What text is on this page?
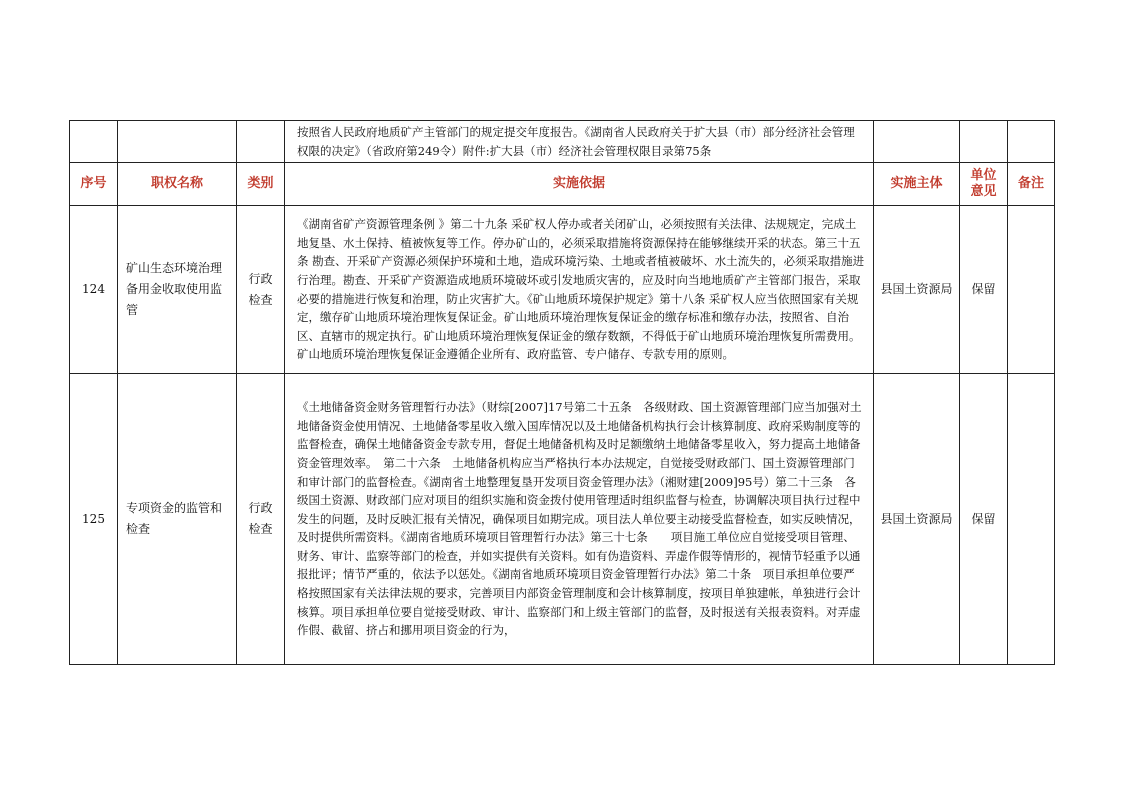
			按照省人民政府地质矿产主管部门的规定提交年度报告。《湖南省人民政府关于扩大县（市）部分经济社会管理权限的决定》（省政府第249令）附件:扩大县（市）经济社会管理权限目录第75条			
序号	职权名称	类别	实施依据	实施主体	单位意见	备注
124	矿山生态环境治理备用金收取使用监管	行政检查	《湖南省矿产资源管理条例 》第二十九条 采矿权人停办或者关闭矿山，必须按照有关法律、法规规定，完成土地复垦、水土保持、植被恢复等工作。停办矿山的，必须采取措施将资源保持在能够继续开采的状态。第三十五条 勘查、开采矿产资源必须保护环境和土地，造成环境污染、土地或者植被破坏、水土流失的，必须采取措施进行治理。勘查、开采矿产资源造成地质环境破坏或引发地质灾害的，应及时向当地地质矿产主管部门报告，采取必要的措施进行恢复和治理，防止灾害扩大。《矿山地质环境保护规定》第十八条 采矿权人应当依照国家有关规定，缴存矿山地质环境治理恢复保证金。矿山地质环境治理恢复保证金的缴存标准和缴存办法，按照省、自治区、直辖市的规定执行。矿山地质环境治理恢复保证金的缴存数额，不得低于矿山地质环境治理恢复所需费用。矿山地质环境治理恢复保证金遵循企业所有、政府监管、专户储存、专款专用的原则。	县国土资源局	保留	
125	专项资金的监管和检查	行政检查	《土地储备资金财务管理暂行办法》（财综[2007]17号第二十五条　各级财政、国土资源管理部门应当加强对土地储备资金使用情况、土地储备零星收入缴入国库情况以及土地储备机构执行会计核算制度、政府采购制度等的监督检查，确保土地储备资金专款专用，督促土地储备机构及时足额缴纳土地储备零星收入，努力提高土地储备资金管理效率。　第二十六条　土地储备机构应当严格执行本办法规定，自觉接受财政部门、国土资源管理部门和审计部门的监督检查。《湖南省土地整理复垦开发项目资金管理办法》（湘财建[2009]95号）第二十三条　各级国土资源、财政部门应对项目的组织实施和资金拨付使用管理适时组织监督与检查，协调解决项目执行过程中发生的问题，及时反映汇报有关情况，确保项目如期完成。项目法人单位要主动接受监督检查，如实反映情况，及时提供所需资料。《湖南省地质环境项目管理暂行办法》第三十七条　　项目施工单位应自觉接受项目管理、财务、审计、监察等部门的检查，并如实提供有关资料。如有伪造资料、弄虚作假等情形的，视情节轻重予以通报批评；情节严重的，依法予以惩处。《湖南省地质环境项目资金管理暂行办法》第二十条　项目承担单位要严格按照国家有关法律法规的要求，完善项目内部资金管理制度和会计核算制度，按项目单独建帐，单独进行会计核算。项目承担单位要自觉接受财政、审计、监察部门和上级主管部门的监督，及时报送有关报表资料。对弄虚作假、截留、挤占和挪用项目资金的行为，	县国土资源局	保留	
